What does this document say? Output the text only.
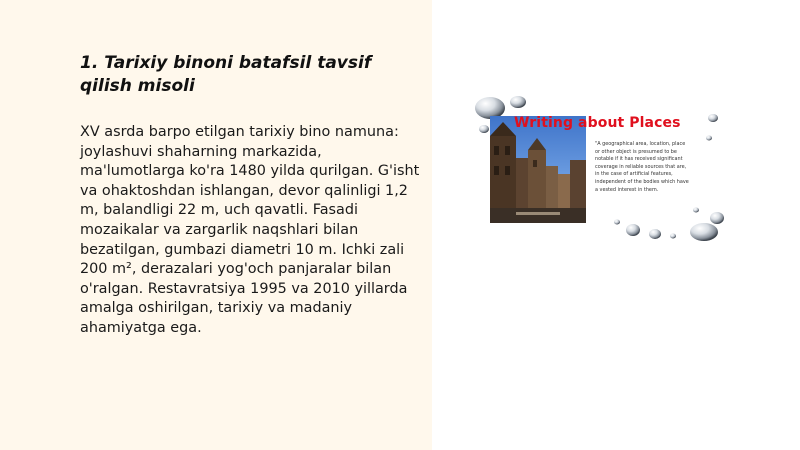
1. Tarixiy binoni batafsil tavsif qilish misoli

XV asrda barpo etilgan tarixiy bino namuna: joylashuvi shaharning markazida, ma'lumotlarga ko'ra 1480 yilda qurilgan. G'isht va ohaktoshdan ishlangan, devor qalinligi 1,2 m, balandligi 22 m, uch qavatli. Fasadi mozaikalar va zargarlik naqshlari bilan bezatilgan, gumbazi diametri 10 m. Ichki zali 200 m², derazalari yog'och panjaralar bilan o'ralgan. Restavratsiya 1995 va 2010 yillarda amalga oshirilgan, tarixiy va madaniy ahamiyatga ega.

Writing about Places
"A geographical area, location, place or other object is presumed to be notable if it has received significant coverage in reliable sources that are, in the case of artificial features, independent of the bodies which have a vested interest in them.
